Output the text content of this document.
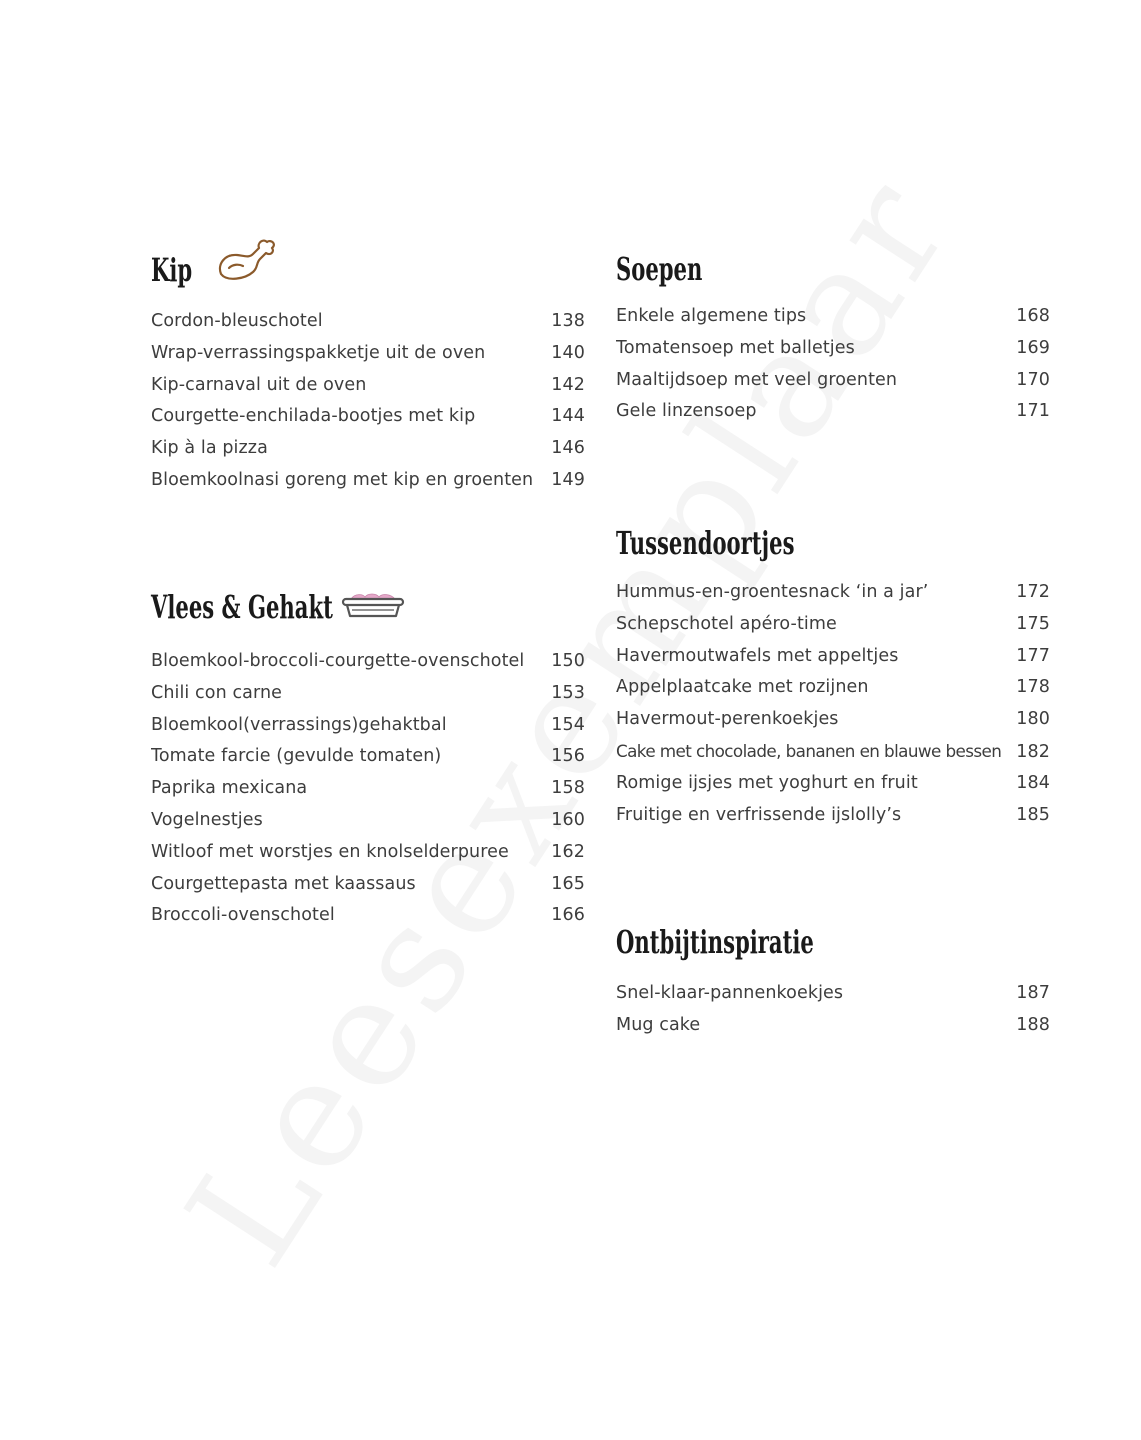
Kip
Cordon-bleuschotel	138
Wrap-verrassingspakketje uit de oven	140
Kip-carnaval uit de oven	142
Courgette-enchilada-bootjes met kip	144
Kip à la pizza	146
Bloemkoolnasi goreng met kip en groenten 149
Vlees & Gehakt
Bloemkool-broccoli-courgette-ovenschotel 150
Chili con carne	153
Bloemkool(verrassings)gehaktbal	154
Tomate farcie (gevulde tomaten)	156
Paprika mexicana	158
Vogelnestjes	160
Witloof met worstjes en knolselderpuree 162
Courgettepasta met kaassaus	165
Broccoli-ovenschotel	166
Soepen
Enkele algemene tips	168
Tomatensoep met balletjes	169
Maaltijdsoep met veel groenten	170
Gele linzensoep	171
Tussendoortjes
Hummus-en-groentesnack ‘in a jar’	172
Schepschotel apéro-time	175
Havermoutwafels met appeltjes	177
Appelplaatcake met rozijnen	178
Havermout-perenkoekjes	180
Cake met chocolade, bananen en blauwe bessen 182
Romige ijsjes met yoghurt en fruit	184
Fruitige en verfrissende ijslolly’s	185
Ontbijtinspiratie
Snel-klaar-pannenkoekjes	187
Mug cake	188
